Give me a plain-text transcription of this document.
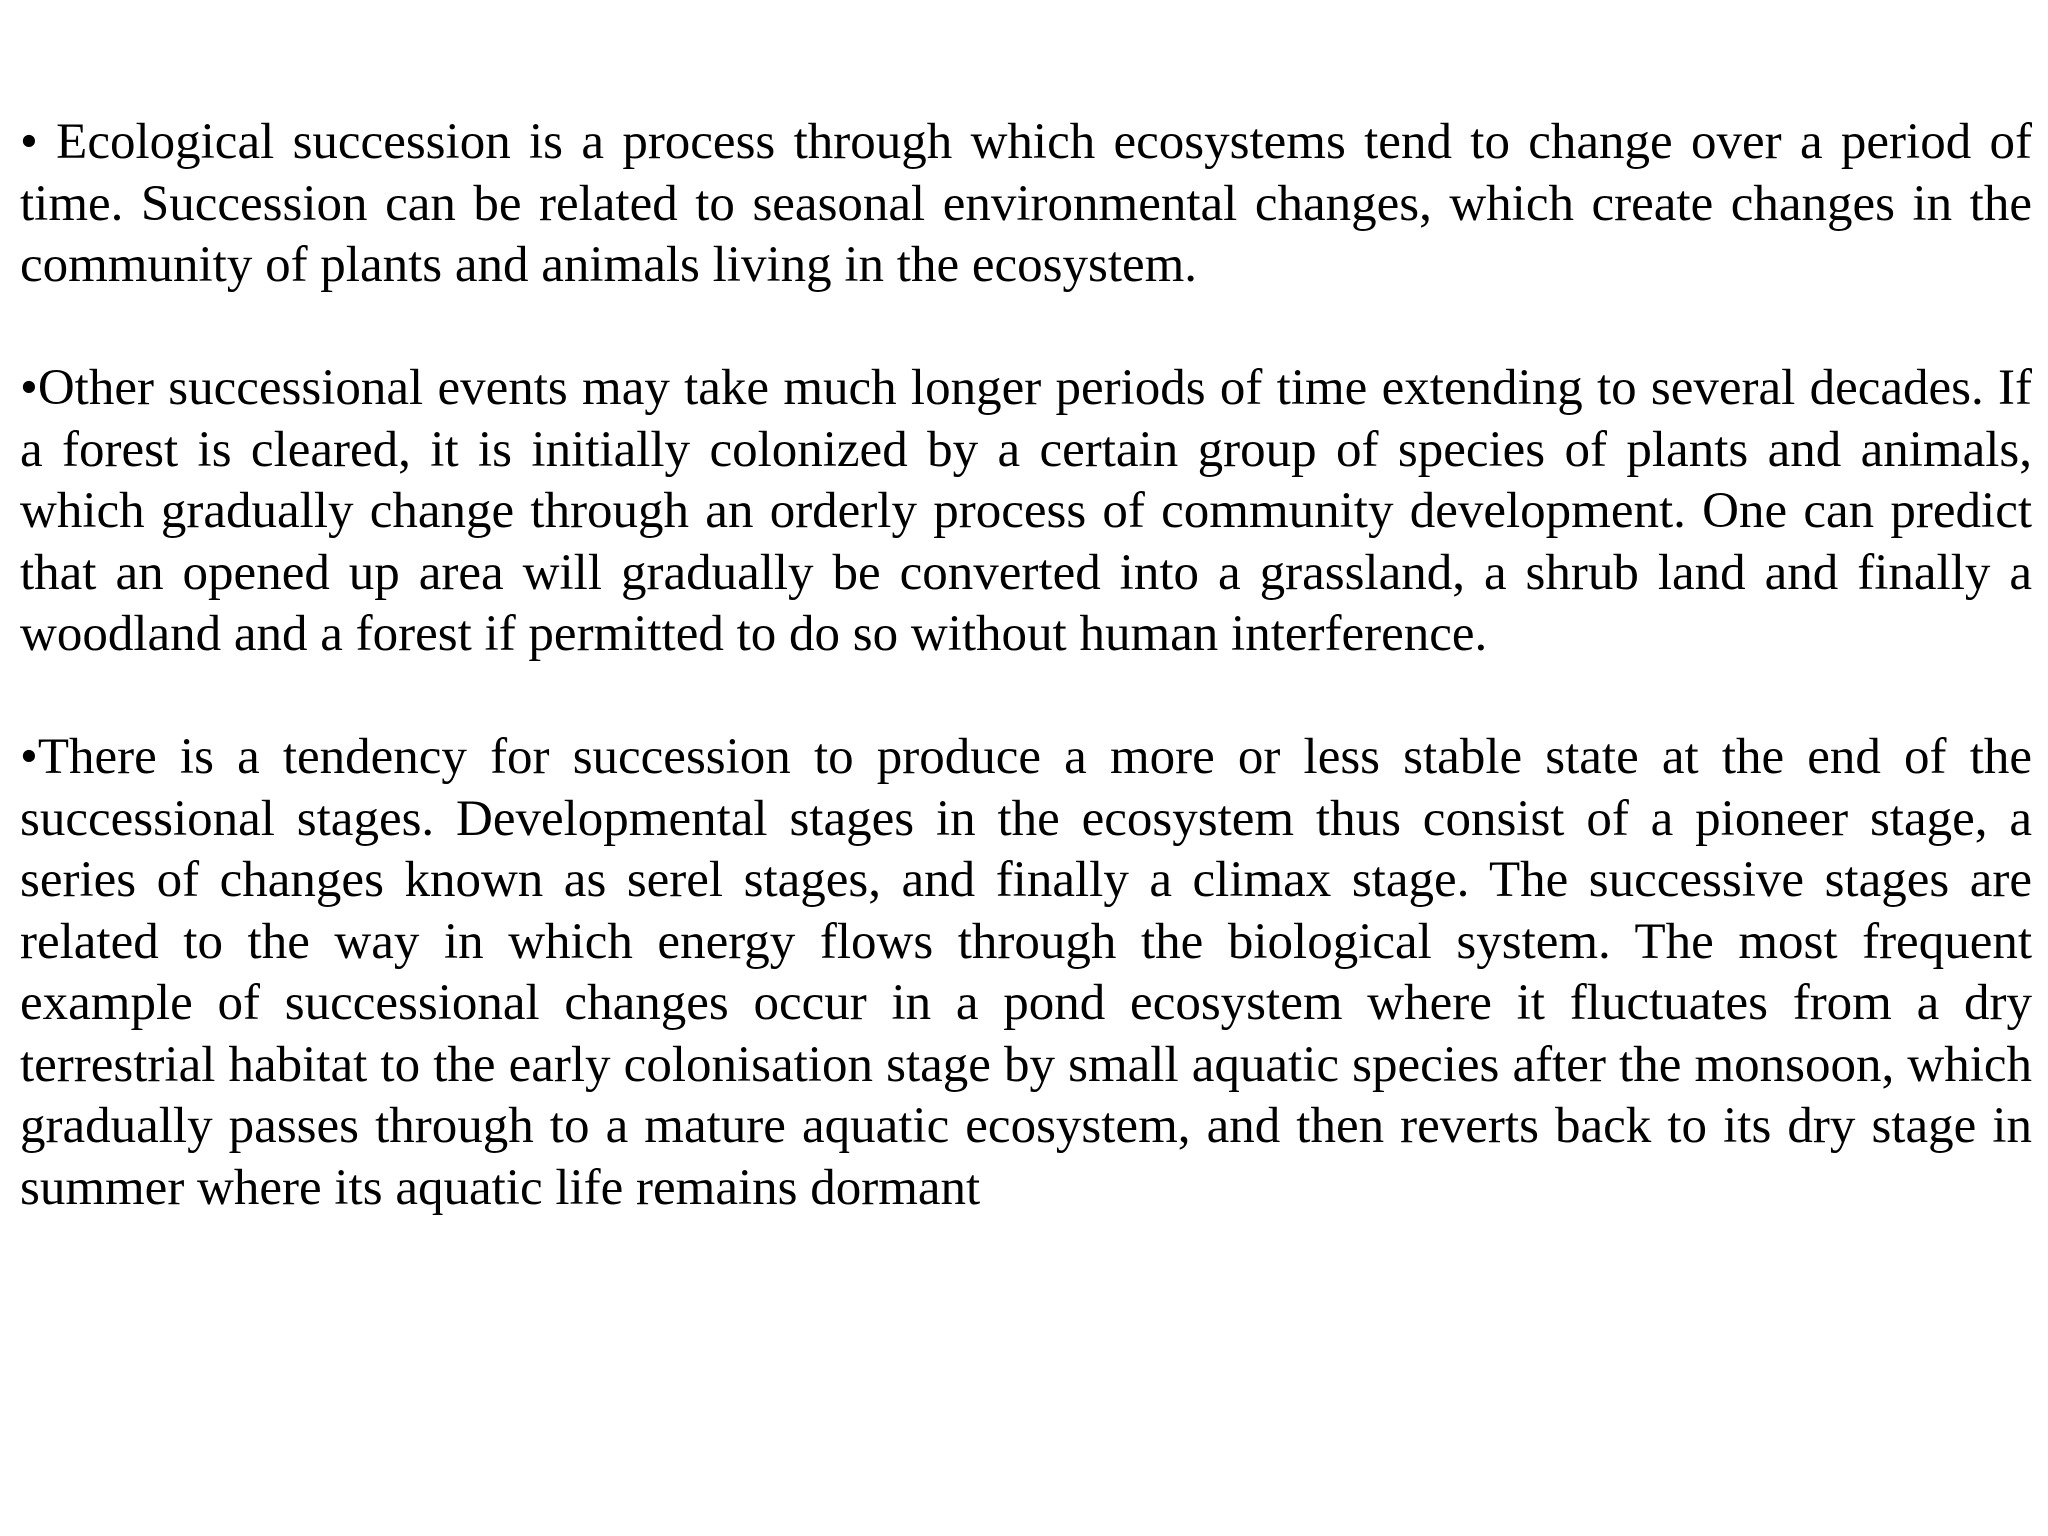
• Ecological succession is a process through which ecosystems tend to change over a period of time. Succession can be related to seasonal environmental changes, which create changes in the community of plants and animals living in the ecosystem.

•Other successional events may take much longer periods of time extending to several decades. If a forest is cleared, it is initially colonized by a certain group of species of plants and animals, which gradually change through an orderly process of community development. One can predict that an opened up area will gradually be converted into a grassland, a shrub land and finally a woodland and a forest if permitted to do so without human interference.

•There is a tendency for succession to produce a more or less stable state at the end of the successional stages. Developmental stages in the ecosystem thus consist of a pioneer stage, a series of changes known as serel stages, and finally a climax stage. The successive stages are related to the way in which energy flows through the biological system. The most frequent example of successional changes occur in a pond ecosystem where it fluctuates from a dry terrestrial habitat to the early colonisation stage by small aquatic species after the monsoon, which gradually passes through to a mature aquatic ecosystem, and then reverts back to its dry stage in summer where its aquatic life remains dormant
